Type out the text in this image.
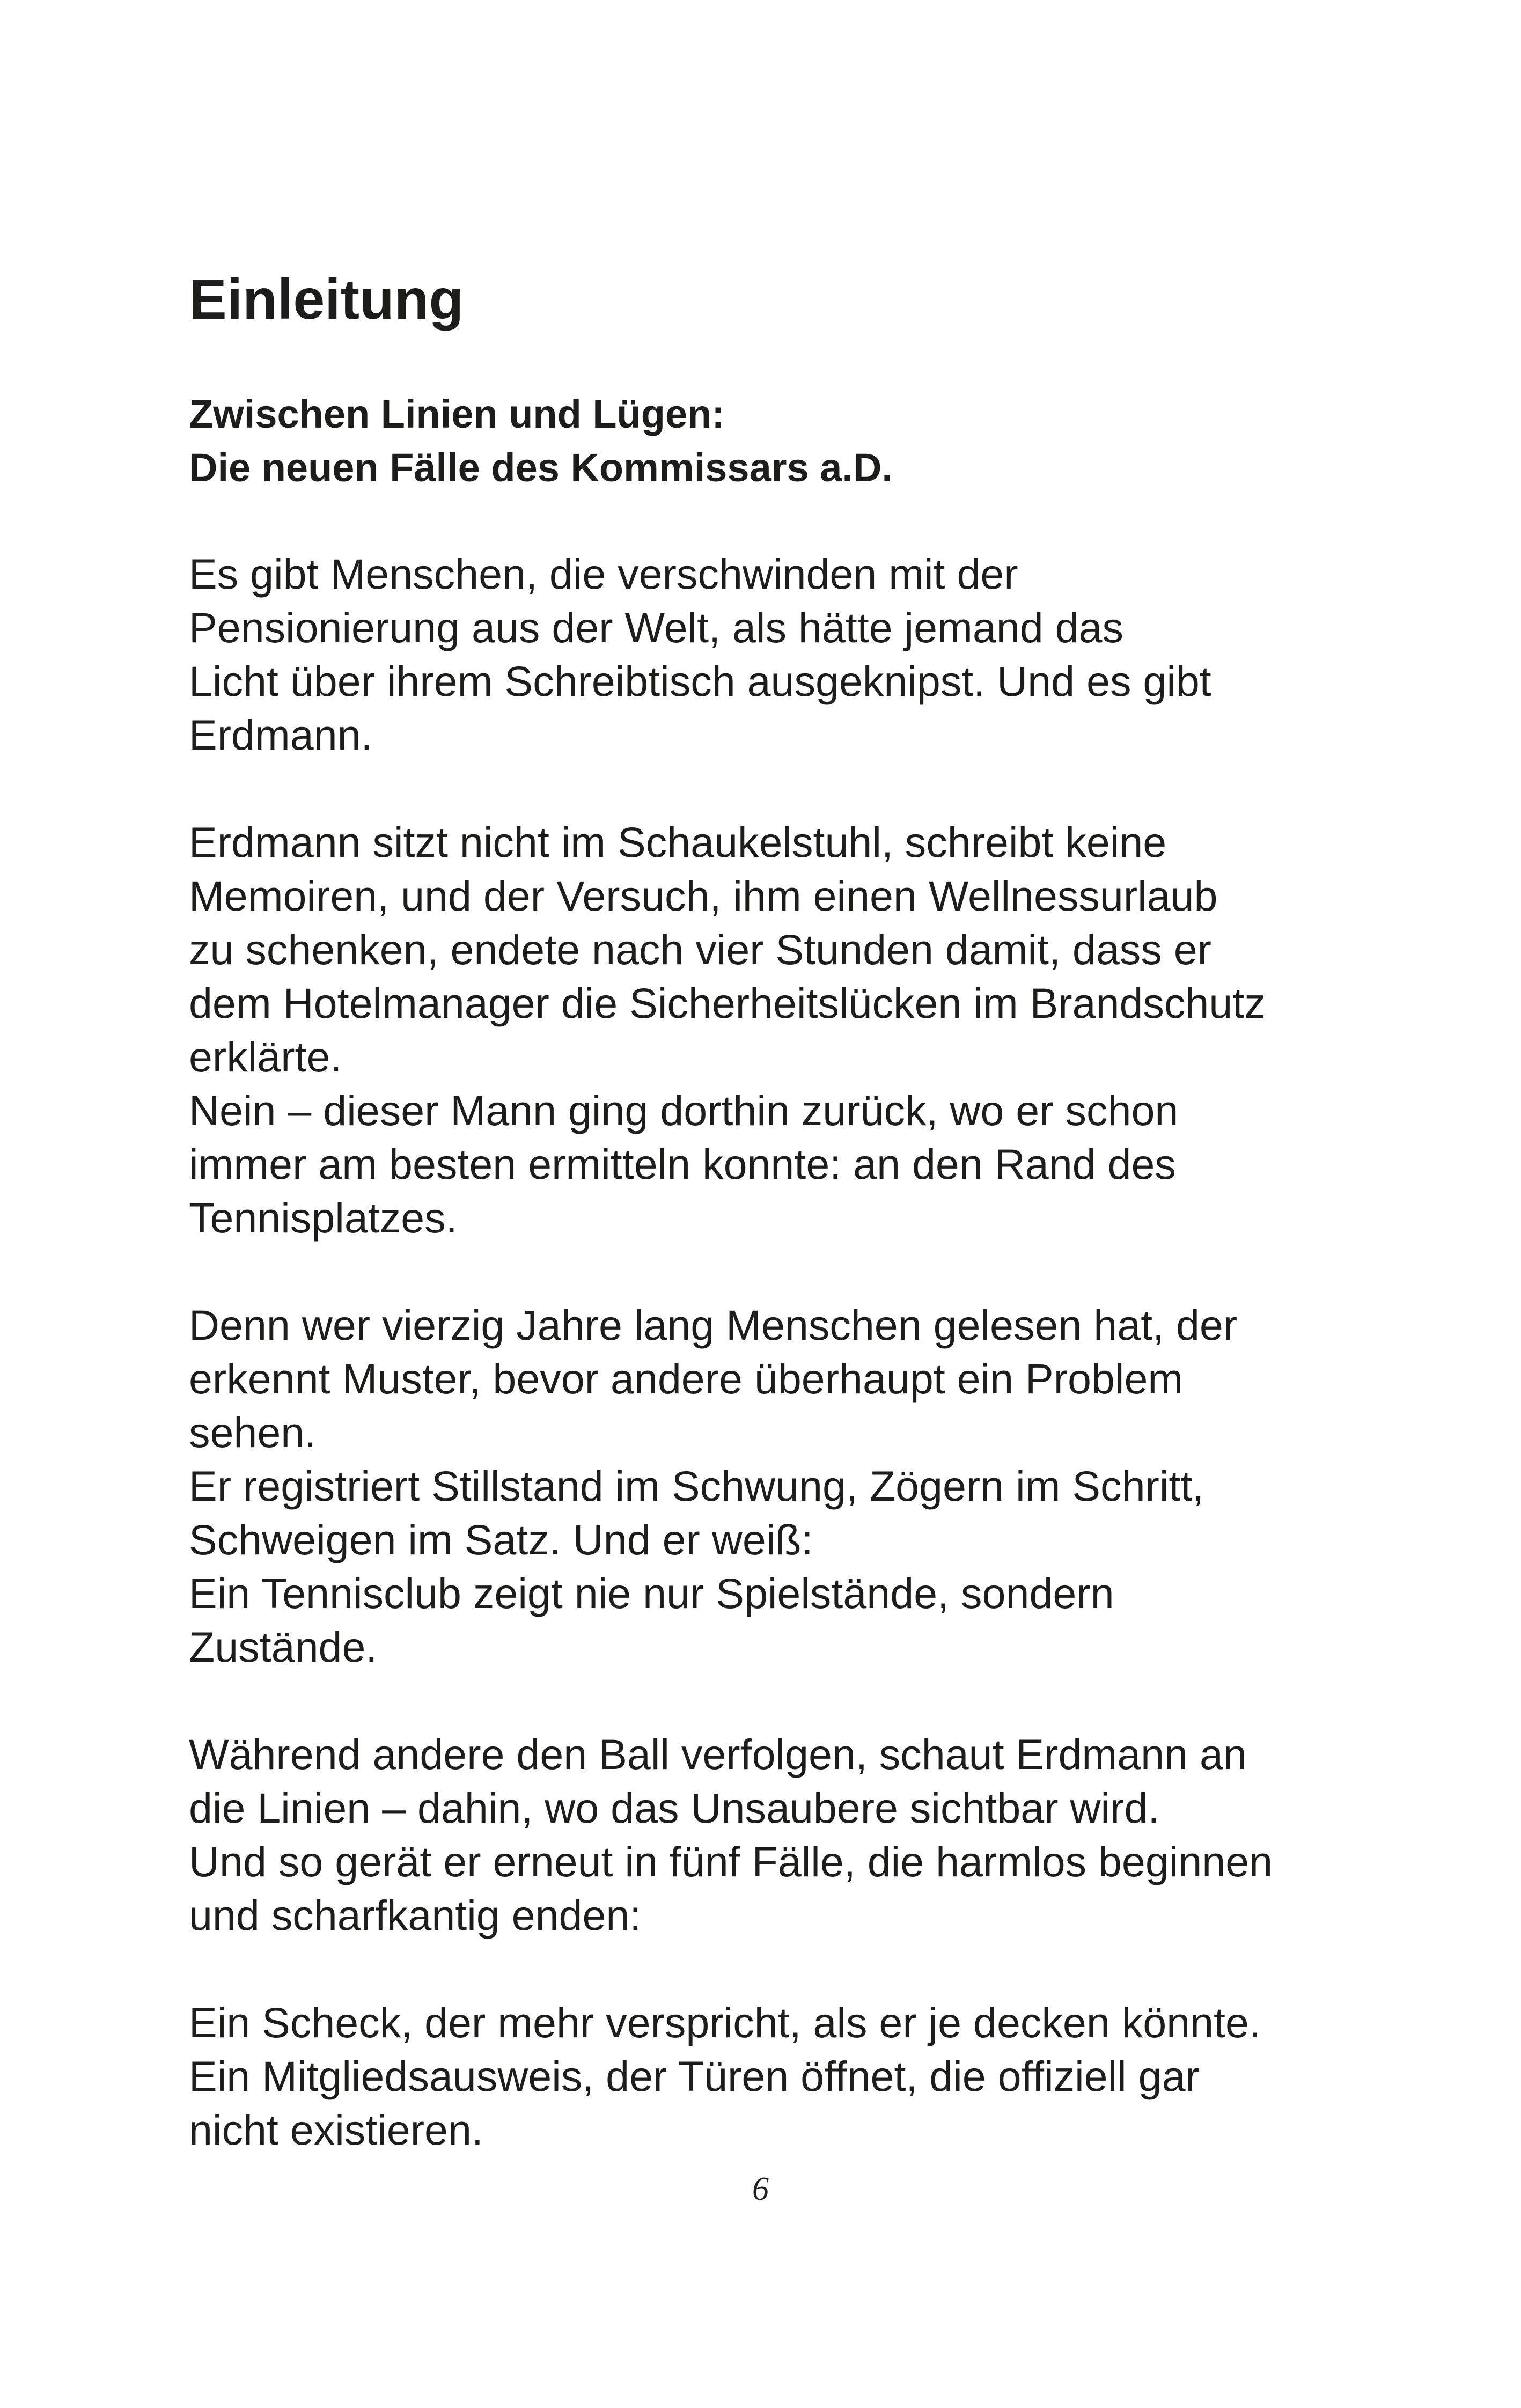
Einleitung
Zwischen Linien und Lügen:
Die neuen Fälle des Kommissars a.D.
Es gibt Menschen, die verschwinden mit der
Pensionierung aus der Welt, als hätte jemand das
Licht über ihrem Schreibtisch ausgeknipst. Und es gibt
Erdmann.
Erdmann sitzt nicht im Schaukelstuhl, schreibt keine
Memoiren, und der Versuch, ihm einen Wellnessurlaub
zu schenken, endete nach vier Stunden damit, dass er
dem Hotelmanager die Sicherheitslücken im Brandschutz
erklärte.
Nein – dieser Mann ging dorthin zurück, wo er schon
immer am besten ermitteln konnte: an den Rand des
Tennisplatzes.
Denn wer vierzig Jahre lang Menschen gelesen hat, der
erkennt Muster, bevor andere überhaupt ein Problem
sehen.
Er registriert Stillstand im Schwung, Zögern im Schritt,
Schweigen im Satz. Und er weiß:
Ein Tennisclub zeigt nie nur Spielstände, sondern
Zustände.
Während andere den Ball verfolgen, schaut Erdmann an
die Linien – dahin, wo das Unsaubere sichtbar wird.
Und so gerät er erneut in fünf Fälle, die harmlos beginnen
und scharfkantig enden:
Ein Scheck, der mehr verspricht, als er je decken könnte.
Ein Mitgliedsausweis, der Türen öffnet, die offiziell gar
nicht existieren.
6
